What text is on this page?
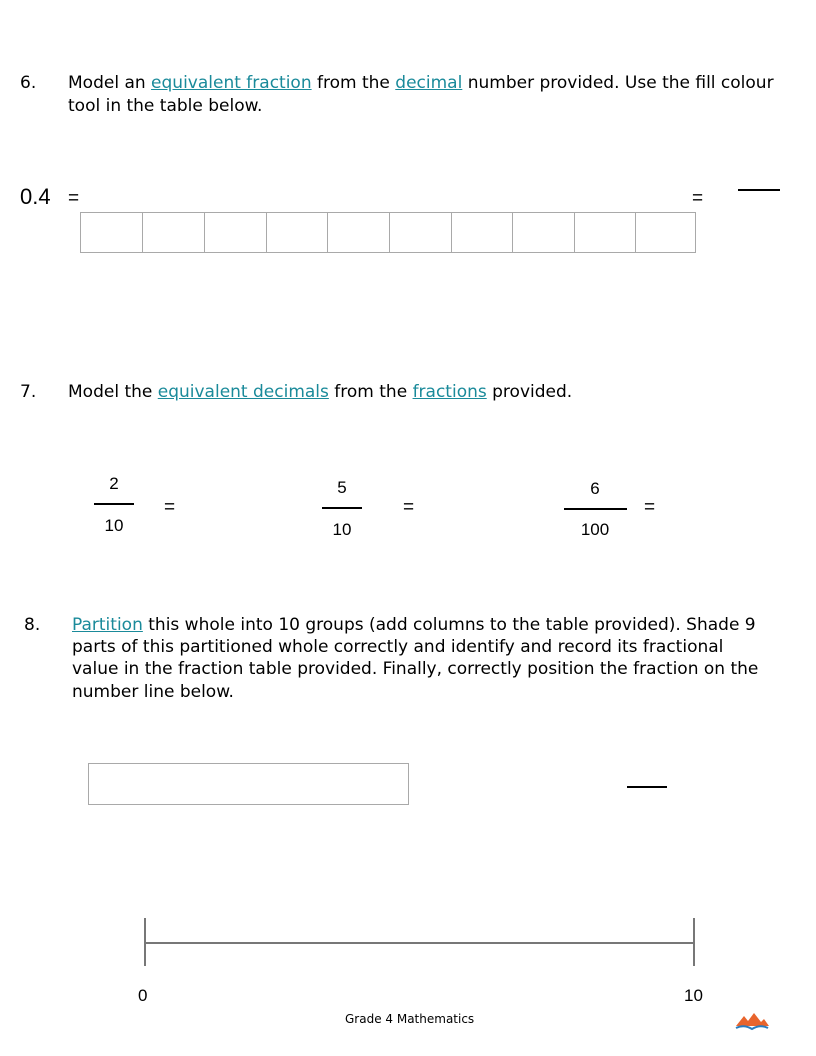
6. Model an equivalent fraction from the decimal number provided. Use the fill colour
tool in the table below.
0.4 =	=
7. Model the equivalent decimals from the fractions provided.
2
10
=
5
10
=
6
100
=
8. Partition this whole into 10 groups (add columns to the table provided). Shade 9
parts of this partitioned whole correctly and identify and record its fractional
value in the fraction table provided. Finally, correctly position the fraction on the
number line below.
0	10
Grade 4 Mathematics
